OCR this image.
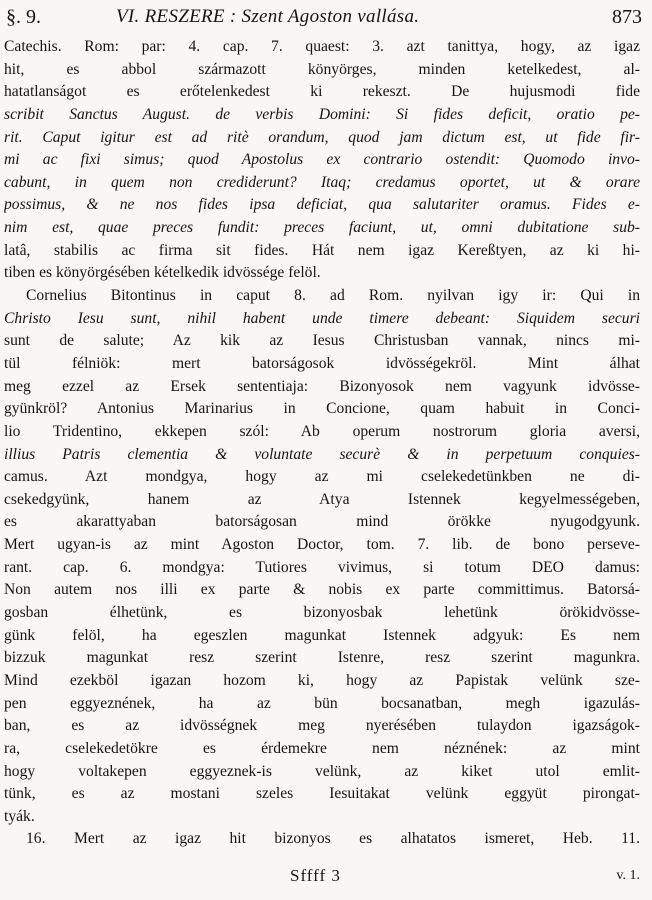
§. 9.	VI. RESZERE : Szent Agoston vallása.	873
Catechis. Rom: par: 4. cap. 7. quaest: 3. azt tanittya, hogy, az igaz
hit, es abbol származott könyörges, minden ketelkedest, al-
hatatlanságot es erőtelenkedest ki rekeszt. De hujusmodi fide
scribit Sanctus August. de verbis Domini: Si fides deficit, oratio pe-
rit. Caput igitur est ad ritè orandum, quod jam dictum est, ut fide fir-
mi ac fixi simus; quod Apostolus ex contrario ostendit: Quomodo invo-
cabunt, in quem non crediderunt? Itaq; credamus oportet, ut & orare
possimus, & ne nos fides ipsa deficiat, qua salutariter oramus. Fides e-
nim est, quae preces fundit: preces faciunt, ut, omni dubitatione sub-
latâ, stabilis ac firma sit fides. Hát nem igaz Kereßtyen, az ki hi-
tiben es könyörgésében kételkedik idvössége felöl.
Cornelius Bitontinus in caput 8. ad Rom. nyilvan igy ir: Qui in
Christo Iesu sunt, nihil habent unde timere debeant: Siquidem securi
sunt de salute; Az kik az Iesus Christusban vannak, nincs mi-
tül félniök: mert batorságosok idvösségekröl. Mint álhat
meg ezzel az Ersek sententiaja: Bizonyosok nem vagyunk idvösse-
gyünkröl? Antonius Marinarius in Concione, quam habuit in Conci-
lio Tridentino, ekkepen szól: Ab operum nostrorum gloria aversi,
illius Patris clementia & voluntate securè & in perpetuum conquies-
camus. Azt mondgya, hogy az mi cselekedetünkben ne di-
csekedgyünk, hanem az Atya Istennek kegyelmességeben,
es akarattyaban batorságosan mind örökke nyugodgyunk.
Mert ugyan-is az mint Agoston Doctor, tom. 7. lib. de bono perseve-
rant. cap. 6. mondgya: Tutiores vivimus, si totum DEO damus:
Non autem nos illi ex parte & nobis ex parte committimus. Batorsá-
gosban élhetünk, es bizonyosbak lehetünk örökidvösse-
günk felöl, ha egeszlen magunkat Istennek adgyuk: Es nem
bizzuk magunkat resz szerint Istenre, resz szerint magunkra.
Mind ezekböl igazan hozom ki, hogy az Papistak velünk sze-
pen eggyeznének, ha az bün bocsanatban, megh igazulás-
ban, es az idvösségnek meg nyerésében tulaydon igazságok-
ra, cselekedetökre es érdemekre nem néznének: az mint
hogy voltakepen eggyeznek-is velünk, az kiket utol emlit-
tünk, es az mostani szeles Iesuitakat velünk eggyüt pirongat-
tyák.
16. Mert az igaz hit bizonyos es alhatatos ismeret, Heb. 11.
Sffff 3	v. 1.
